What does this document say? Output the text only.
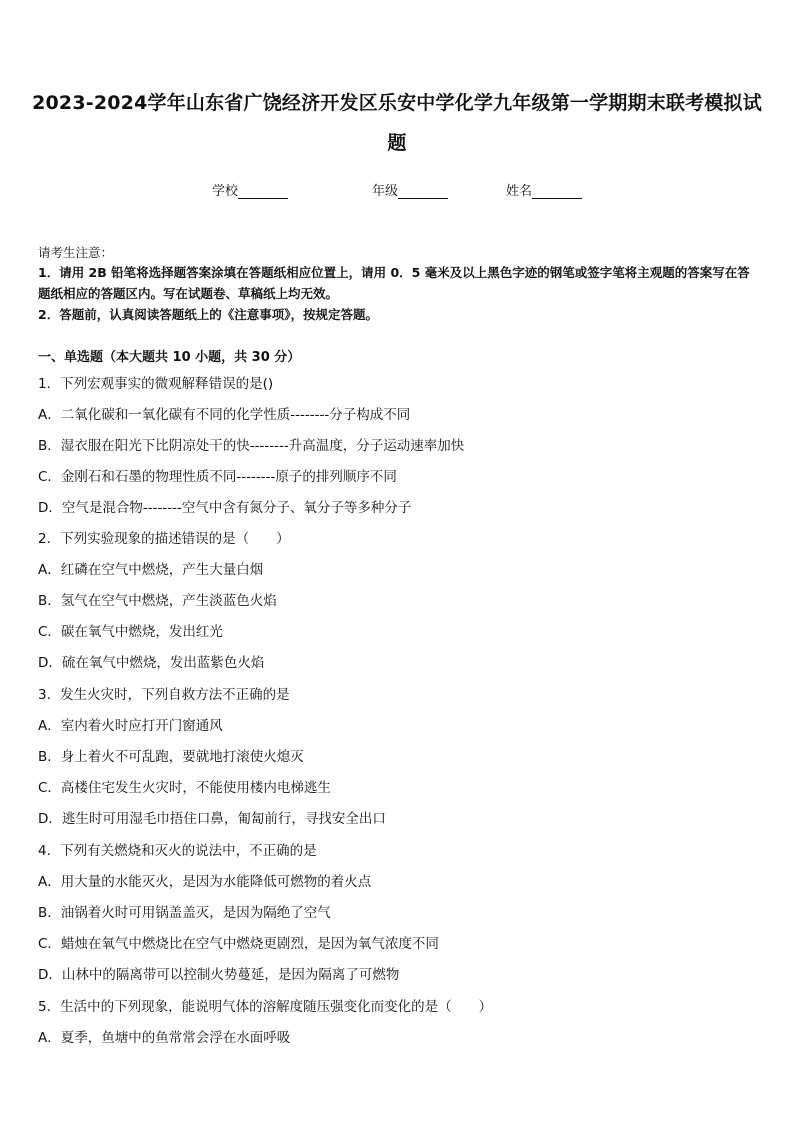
2023-2024学年山东省广饶经济开发区乐安中学化学九年级第一学期期末联考模拟试
题
学校	年级	姓名
请考生注意：
1．请用 2B 铅笔将选择题答案涂填在答题纸相应位置上，请用 0．5 毫米及以上黑色字迹的钢笔或签字笔将主观题的答案写在答题纸相应的答题区内。写在试题卷、草稿纸上均无效。
2．答题前，认真阅读答题纸上的《注意事项》，按规定答题。
一、单选题（本大题共 10 小题，共 30 分）
1．下列宏观事实的微观解释错误的是()
A．二氧化碳和一氧化碳有不同的化学性质--------分子构成不同
B．湿衣服在阳光下比阴凉处干的快--------升高温度，分子运动速率加快
C．金刚石和石墨的物理性质不同--------原子的排列顺序不同
D．空气是混合物--------空气中含有氮分子、氧分子等多种分子
2．下列实验现象的描述错误的是（　　）
A．红磷在空气中燃烧，产生大量白烟
B．氢气在空气中燃烧，产生淡蓝色火焰
C．碳在氧气中燃烧，发出红光
D．硫在氧气中燃烧，发出蓝紫色火焰
3．发生火灾时，下列自救方法不正确的是
A．室内着火时应打开门窗通风
B．身上着火不可乱跑，要就地打滚使火熄灭
C．高楼住宅发生火灾时，不能使用楼内电梯逃生
D．逃生时可用湿毛巾捂住口鼻，匍匐前行，寻找安全出口
4．下列有关燃烧和灭火的说法中，不正确的是
A．用大量的水能灭火，是因为水能降低可燃物的着火点
B．油锅着火时可用锅盖盖灭，是因为隔绝了空气
C．蜡烛在氧气中燃烧比在空气中燃烧更剧烈，是因为氧气浓度不同
D．山林中的隔离带可以控制火势蔓延，是因为隔离了可燃物
5．生活中的下列现象，能说明气体的溶解度随压强变化而变化的是（　　）
A．夏季，鱼塘中的鱼常常会浮在水面呼吸
